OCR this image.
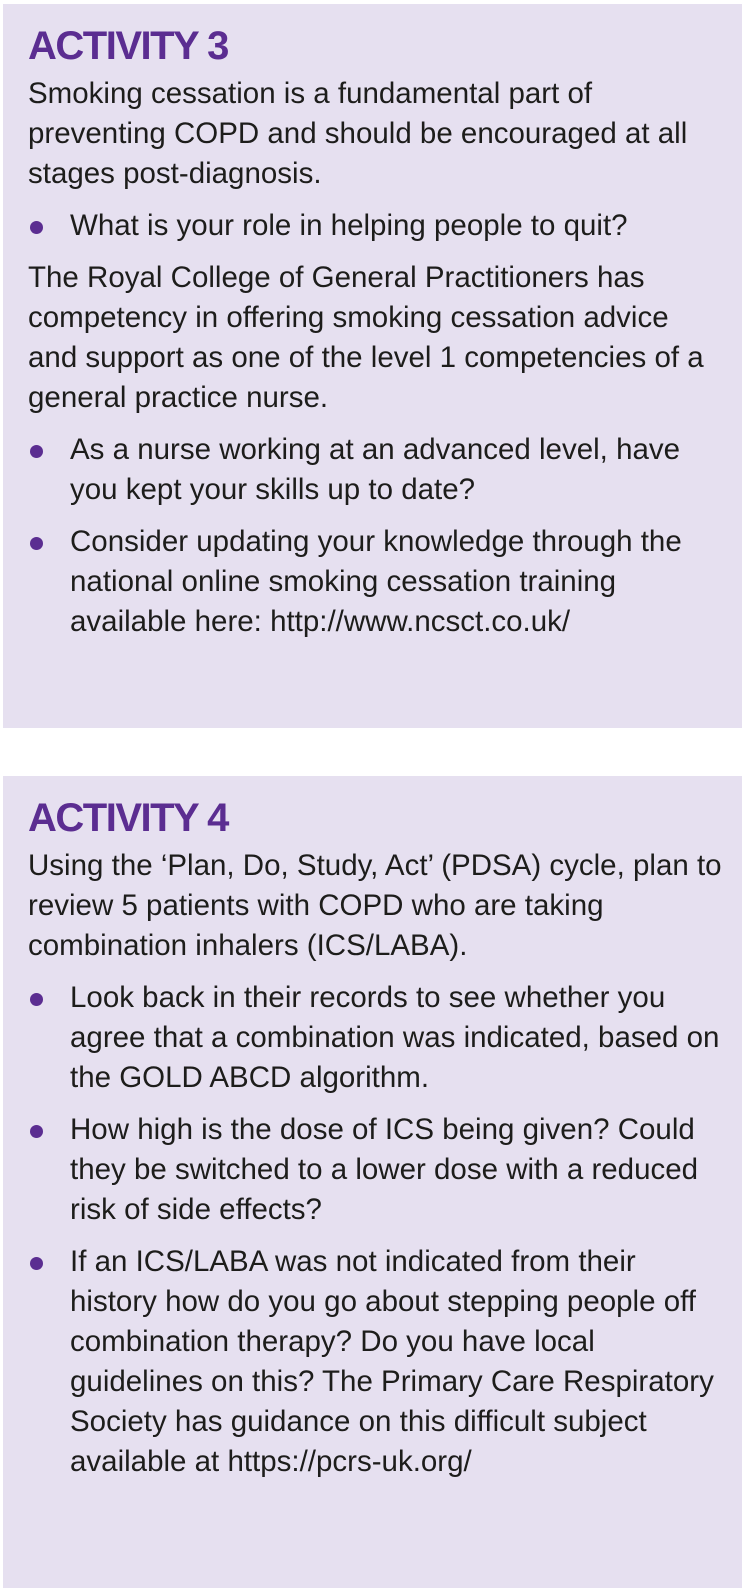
ACTIVITY 3

Smoking cessation is a fundamental part of preventing COPD and should be encouraged at all stages post-diagnosis.

What is your role in helping people to quit?

The Royal College of General Practitioners has competency in offering smoking cessation advice and support as one of the level 1 competencies of a general practice nurse.

As a nurse working at an advanced level, have you kept your skills up to date?
Consider updating your knowledge through the national online smoking cessation training available here: http://www.ncsct.co.uk/
ACTIVITY 4

Using the ‘Plan, Do, Study, Act’ (PDSA) cycle, plan to review 5 patients with COPD who are taking combination inhalers (ICS/LABA).

Look back in their records to see whether you agree that a combination was indicated, based on the GOLD ABCD algorithm.
How high is the dose of ICS being given? Could they be switched to a lower dose with a reduced risk of side effects?
If an ICS/LABA was not indicated from their history how do you go about stepping people off combination therapy? Do you have local guidelines on this? The Primary Care Respiratory Society has guidance on this difficult subject available at https://pcrs-uk.org/
